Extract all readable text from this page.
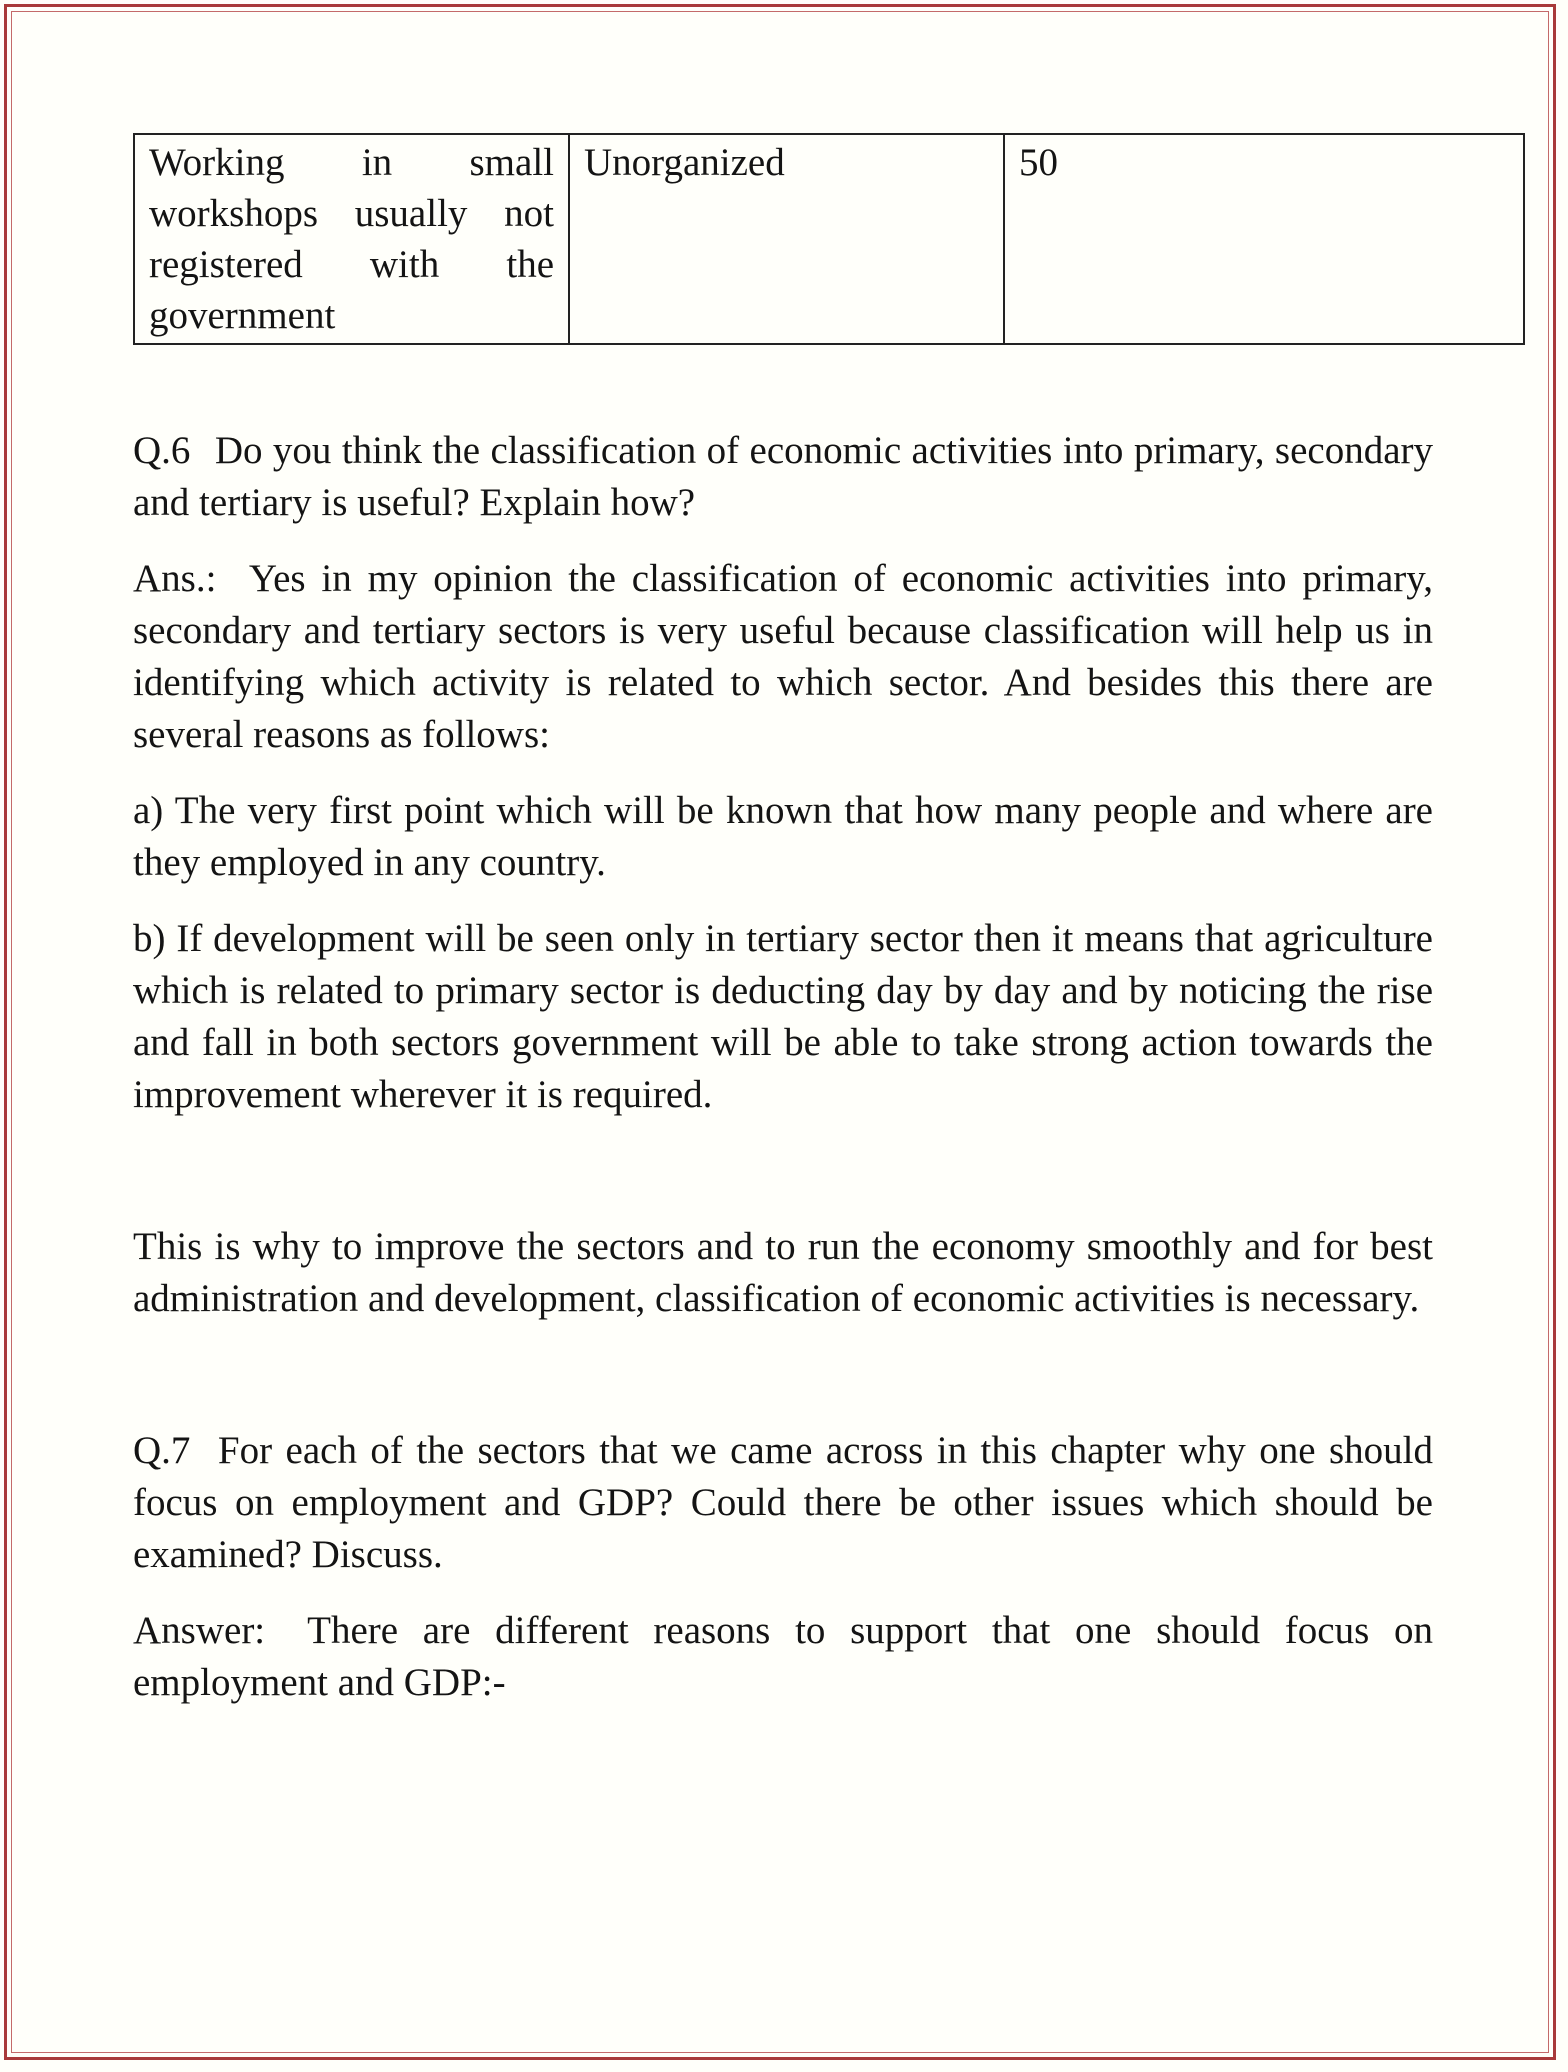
Working in small workshops usually not registered with the government	Unorganized	50

Q.6 Do you think the classification of economic activities into primary, secondary and tertiary is useful? Explain how?

Ans.: Yes in my opinion the classification of economic activities into primary, secondary and tertiary sectors is very useful because classification will help us in identifying which activity is related to which sector. And besides this there are several reasons as follows:

a) The very first point which will be known that how many people and where are they employed in any country.

b) If development will be seen only in tertiary sector then it means that agriculture which is related to primary sector is deducting day by day and by noticing the rise and fall in both sectors government will be able to take strong action towards the improvement wherever it is required.

This is why to improve the sectors and to run the economy smoothly and for best administration and development, classification of economic activities is necessary.

Q.7 For each of the sectors that we came across in this chapter why one should focus on employment and GDP? Could there be other issues which should be examined? Discuss.

Answer: There are different reasons to support that one should focus on employment and GDP:-
